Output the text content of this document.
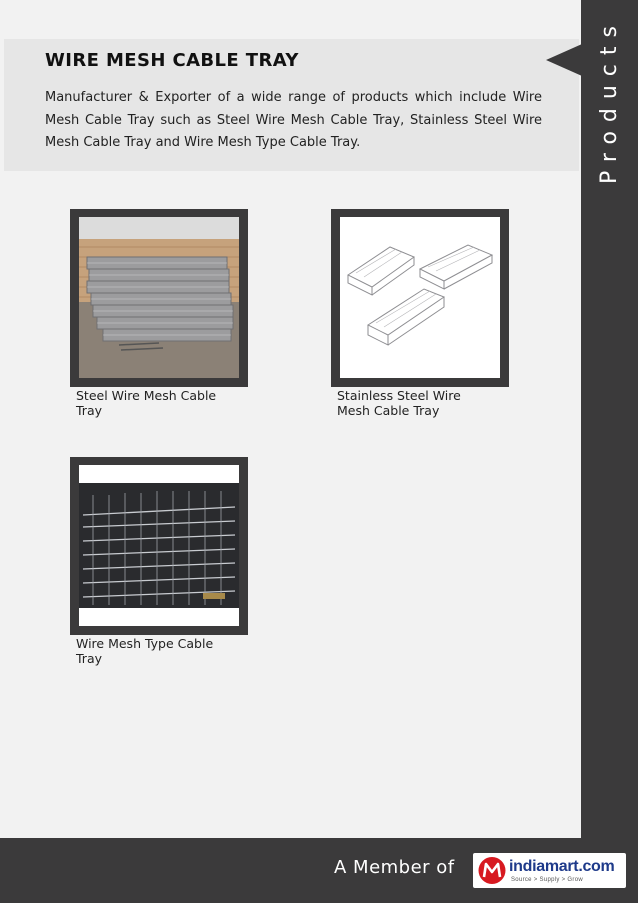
Products
WIRE MESH CABLE TRAY

Manufacturer & Exporter of a wide range of products which include Wire Mesh Cable Tray such as Steel Wire Mesh Cable Tray, Stainless Steel Wire Mesh Cable Tray and Wire Mesh Type Cable Tray.

Steel Wire Mesh Cable Tray
Stainless Steel Wire Mesh Cable Tray
Wire Mesh Type Cable Tray
A Member of	indiamart.com
Source > Supply > Grow
